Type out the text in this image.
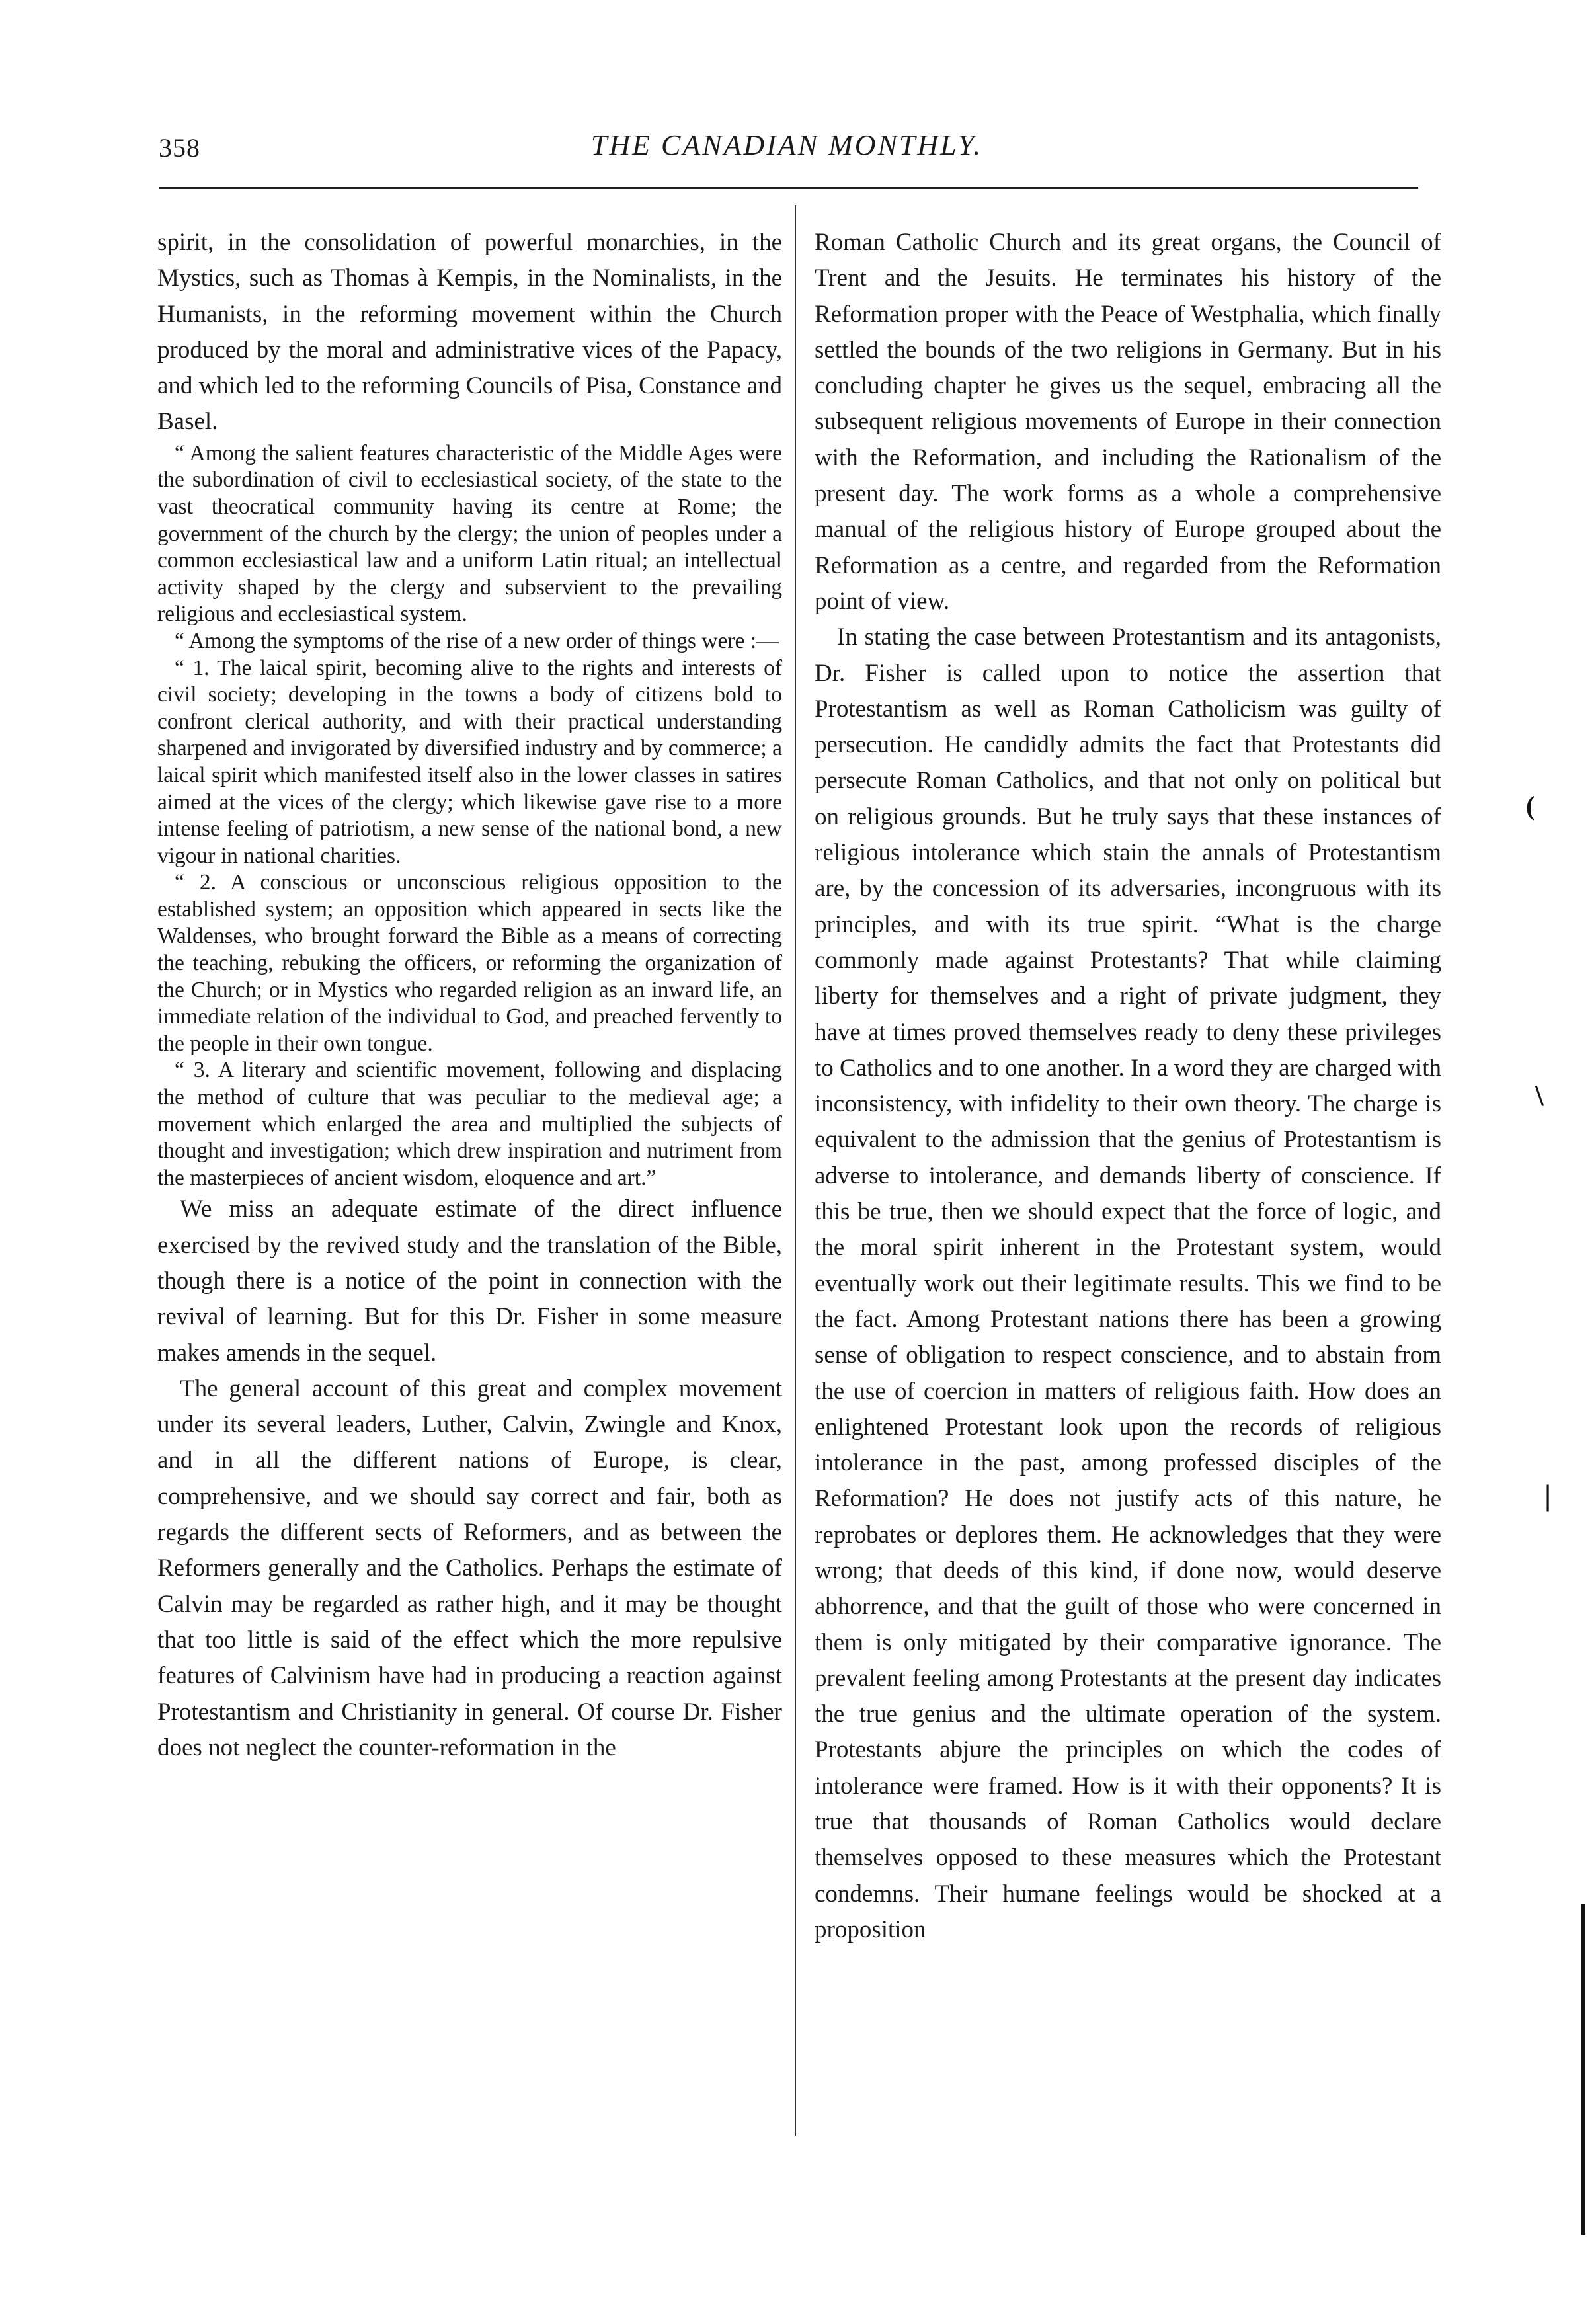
358	THE CANADIAN MONTHLY.

spirit, in the consolidation of powerful monarchies, in the Mystics, such as Thomas à Kempis, in the Nominalists, in the Humanists, in the reforming movement within the Church produced by the moral and administrative vices of the Papacy, and which led to the reforming Councils of Pisa, Constance and Basel.

“ Among the salient features characteristic of the Middle Ages were the subordination of civil to ecclesiastical society, of the state to the vast theocratical community having its centre at Rome; the government of the church by the clergy; the union of peoples under a common ecclesiastical law and a uniform Latin ritual; an intellectual activity shaped by the clergy and subservient to the prevailing religious and ecclesiastical system.

“ Among the symptoms of the rise of a new order of things were :—

“ 1. The laical spirit, becoming alive to the rights and interests of civil society; developing in the towns a body of citizens bold to confront clerical authority, and with their practical understanding sharpened and invigorated by diversified industry and by commerce; a laical spirit which manifested itself also in the lower classes in satires aimed at the vices of the clergy; which likewise gave rise to a more intense feeling of patriotism, a new sense of the national bond, a new vigour in national charities.

“ 2. A conscious or unconscious religious opposition to the established system; an opposition which appeared in sects like the Waldenses, who brought forward the Bible as a means of correcting the teaching, rebuking the officers, or reforming the organization of the Church; or in Mystics who regarded religion as an inward life, an immediate relation of the individual to God, and preached fervently to the people in their own tongue.

“ 3. A literary and scientific movement, following and displacing the method of culture that was peculiar to the medieval age; a movement which enlarged the area and multiplied the subjects of thought and investigation; which drew inspiration and nutriment from the masterpieces of ancient wisdom, eloquence and art.”

We miss an adequate estimate of the direct influence exercised by the revived study and the translation of the Bible, though there is a notice of the point in connection with the revival of learning. But for this Dr. Fisher in some measure makes amends in the sequel.

The general account of this great and complex movement under its several leaders, Luther, Calvin, Zwingle and Knox, and in all the different nations of Europe, is clear, comprehensive, and we should say correct and fair, both as regards the different sects of Reformers, and as between the Reformers generally and the Catholics. Perhaps the estimate of Calvin may be regarded as rather high, and it may be thought that too little is said of the effect which the more repulsive features of Calvinism have had in producing a reaction against Protestantism and Christianity in general. Of course Dr. Fisher does not neglect the counter-reformation in the

Roman Catholic Church and its great organs, the Council of Trent and the Jesuits. He terminates his history of the Reformation proper with the Peace of Westphalia, which finally settled the bounds of the two religions in Germany. But in his concluding chapter he gives us the sequel, embracing all the subsequent religious movements of Europe in their connection with the Reformation, and including the Rationalism of the present day. The work forms as a whole a comprehensive manual of the religious history of Europe grouped about the Reformation as a centre, and regarded from the Reformation point of view.

In stating the case between Protestantism and its antagonists, Dr. Fisher is called upon to notice the assertion that Protestantism as well as Roman Catholicism was guilty of persecution. He candidly admits the fact that Protestants did persecute Roman Catholics, and that not only on political but on religious grounds. But he truly says that these instances of religious intolerance which stain the annals of Protestantism are, by the concession of its adversaries, incongruous with its principles, and with its true spirit. “What is the charge commonly made against Protestants? That while claiming liberty for themselves and a right of private judgment, they have at times proved themselves ready to deny these privileges to Catholics and to one another. In a word they are charged with inconsistency, with infidelity to their own theory. The charge is equivalent to the admission that the genius of Protestantism is adverse to intolerance, and demands liberty of conscience. If this be true, then we should expect that the force of logic, and the moral spirit inherent in the Protestant system, would eventually work out their legitimate results. This we find to be the fact. Among Protestant nations there has been a growing sense of obligation to respect conscience, and to abstain from the use of coercion in matters of religious faith. How does an enlightened Protestant look upon the records of religious intolerance in the past, among professed disciples of the Reformation? He does not justify acts of this nature, he reprobates or deplores them. He acknowledges that they were wrong; that deeds of this kind, if done now, would deserve abhorrence, and that the guilt of those who were concerned in them is only mitigated by their comparative ignorance. The prevalent feeling among Protestants at the present day indicates the true genius and the ultimate operation of the system. Protestants abjure the principles on which the codes of intolerance were framed. How is it with their opponents? It is true that thousands of Roman Catholics would declare themselves opposed to these measures which the Protestant condemns. Their humane feelings would be shocked at a proposition

(
\
|
